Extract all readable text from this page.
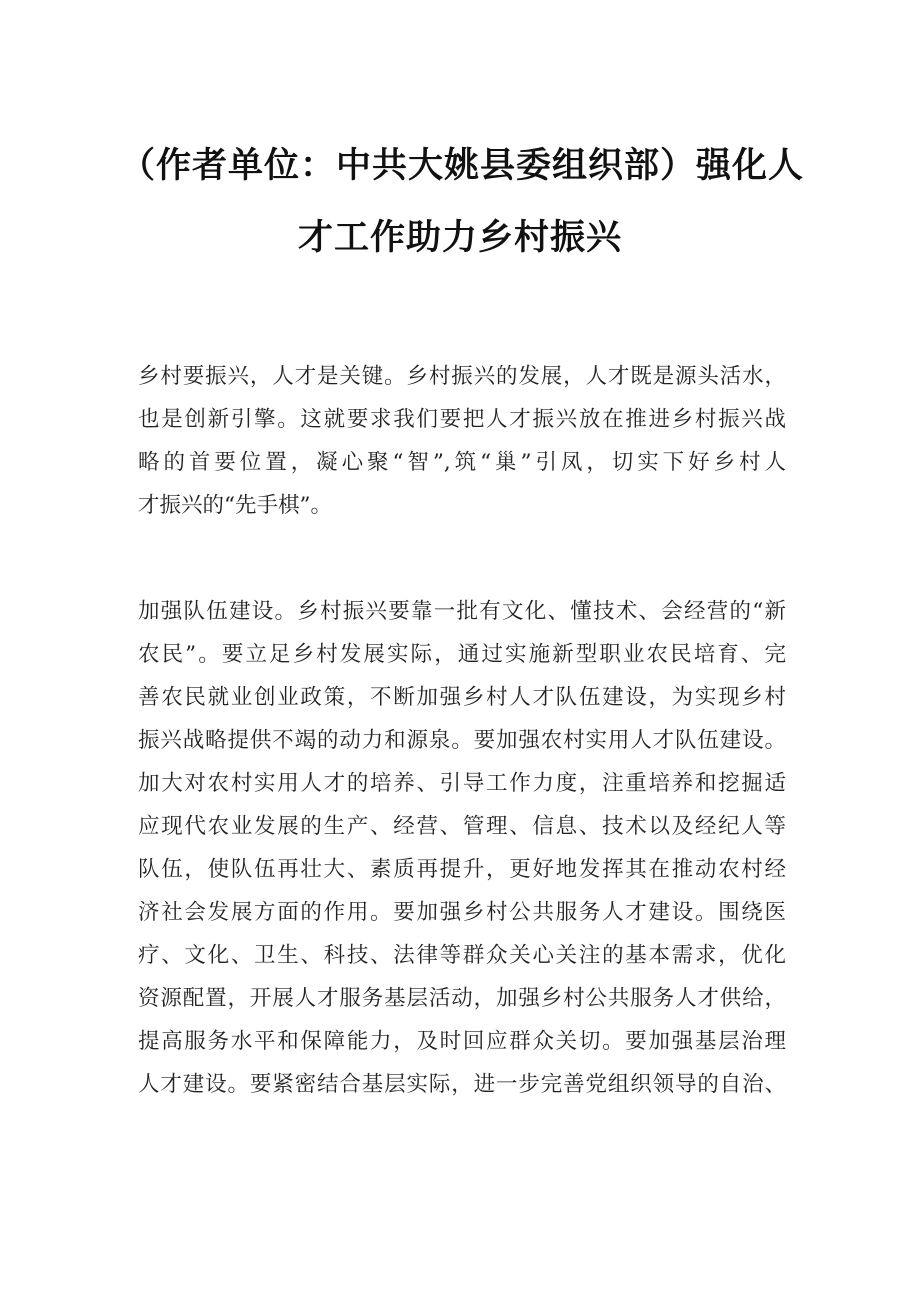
（作者单位：中共大姚县委组织部）强化人
才工作助力乡村振兴
乡村要振兴，人才是关键。乡村振兴的发展，人才既是源头活水，
也是创新引擎。这就要求我们要把人才振兴放在推进乡村振兴战
略的首要位置，凝心聚“智”,筑“巢”引凤，切实下好乡村人
才振兴的“先手棋”。
加强队伍建设。乡村振兴要靠一批有文化、懂技术、会经营的“新
农民”。要立足乡村发展实际，通过实施新型职业农民培育、完
善农民就业创业政策，不断加强乡村人才队伍建设，为实现乡村
振兴战略提供不竭的动力和源泉。要加强农村实用人才队伍建设。
加大对农村实用人才的培养、引导工作力度，注重培养和挖掘适
应现代农业发展的生产、经营、管理、信息、技术以及经纪人等
队伍，使队伍再壮大、素质再提升，更好地发挥其在推动农村经
济社会发展方面的作用。要加强乡村公共服务人才建设。围绕医
疗、文化、卫生、科技、法律等群众关心关注的基本需求，优化
资源配置，开展人才服务基层活动，加强乡村公共服务人才供给，
提高服务水平和保障能力，及时回应群众关切。要加强基层治理
人才建设。要紧密结合基层实际，进一步完善党组织领导的自治、
